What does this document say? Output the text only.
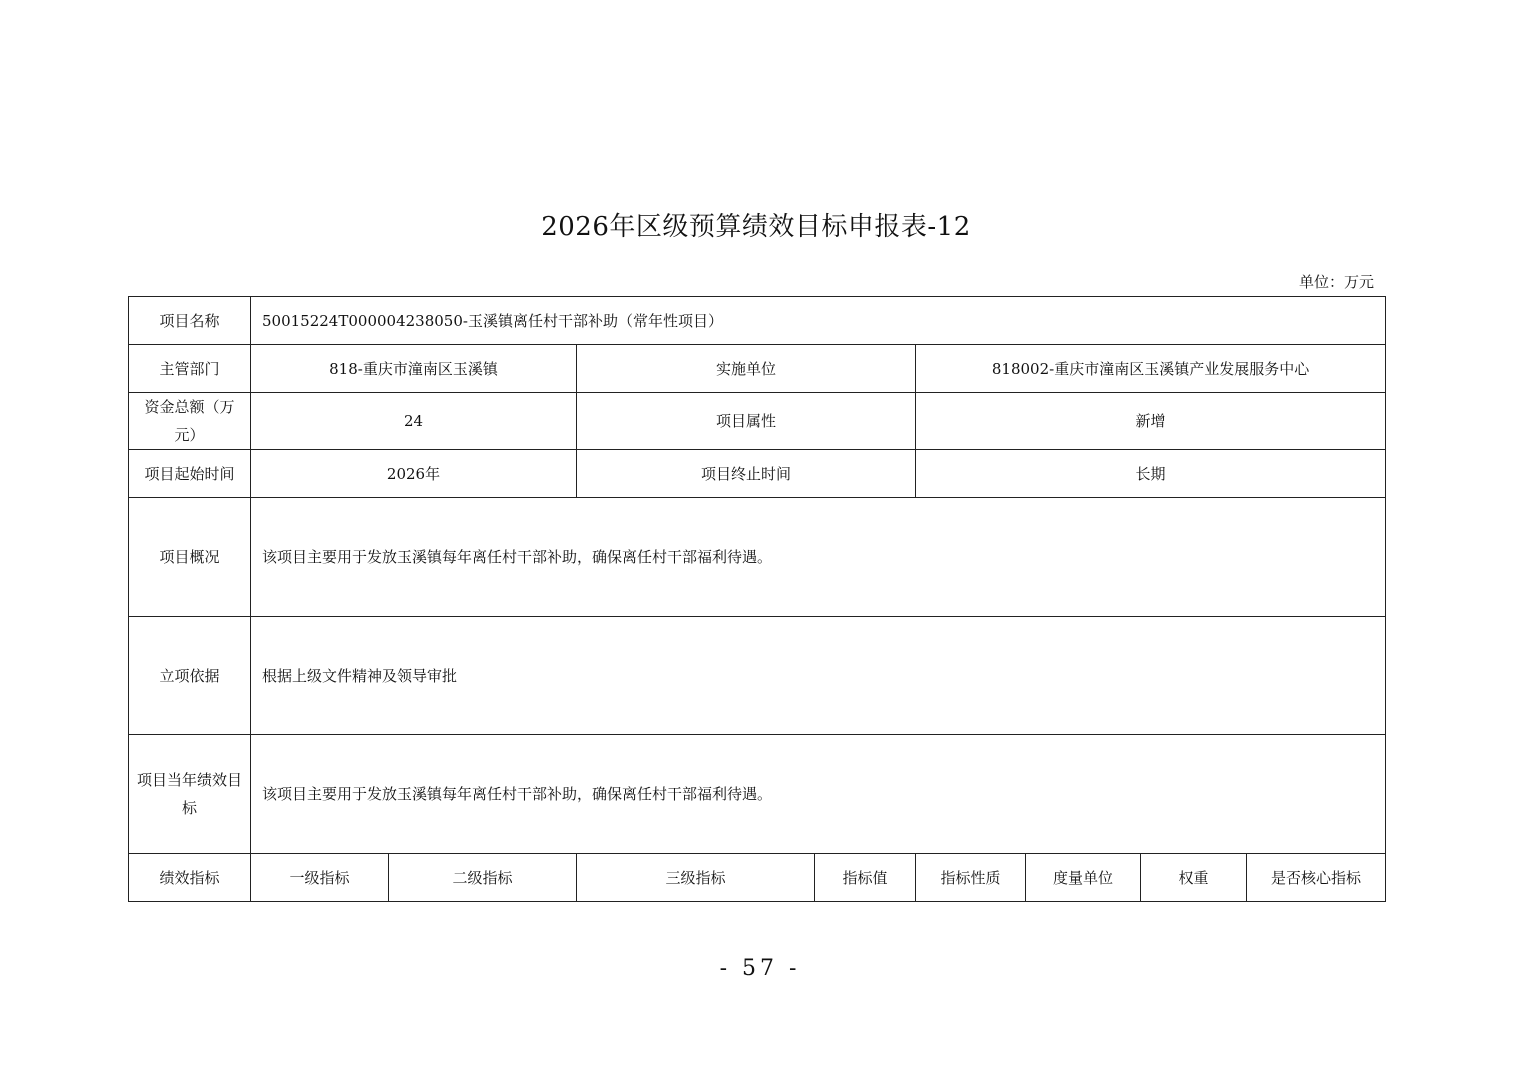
2026年区级预算绩效目标申报表-12
单位：万元
项目名称	50015224T000004238050-玉溪镇离任村干部补助（常年性项目）							
主管部门	818-重庆市潼南区玉溪镇		实施单位		818002-重庆市潼南区玉溪镇产业发展服务中心			
资金总额（万元）	24		项目属性		新增			
项目起始时间	2026年		项目终止时间		长期			
项目概况	该项目主要用于发放玉溪镇每年离任村干部补助，确保离任村干部福利待遇。							
立项依据	根据上级文件精神及领导审批							
项目当年绩效目标	该项目主要用于发放玉溪镇每年离任村干部补助，确保离任村干部福利待遇。							
绩效指标	一级指标	二级指标	三级指标	指标值	指标性质	度量单位	权重	是否核心指标
- 57 -
